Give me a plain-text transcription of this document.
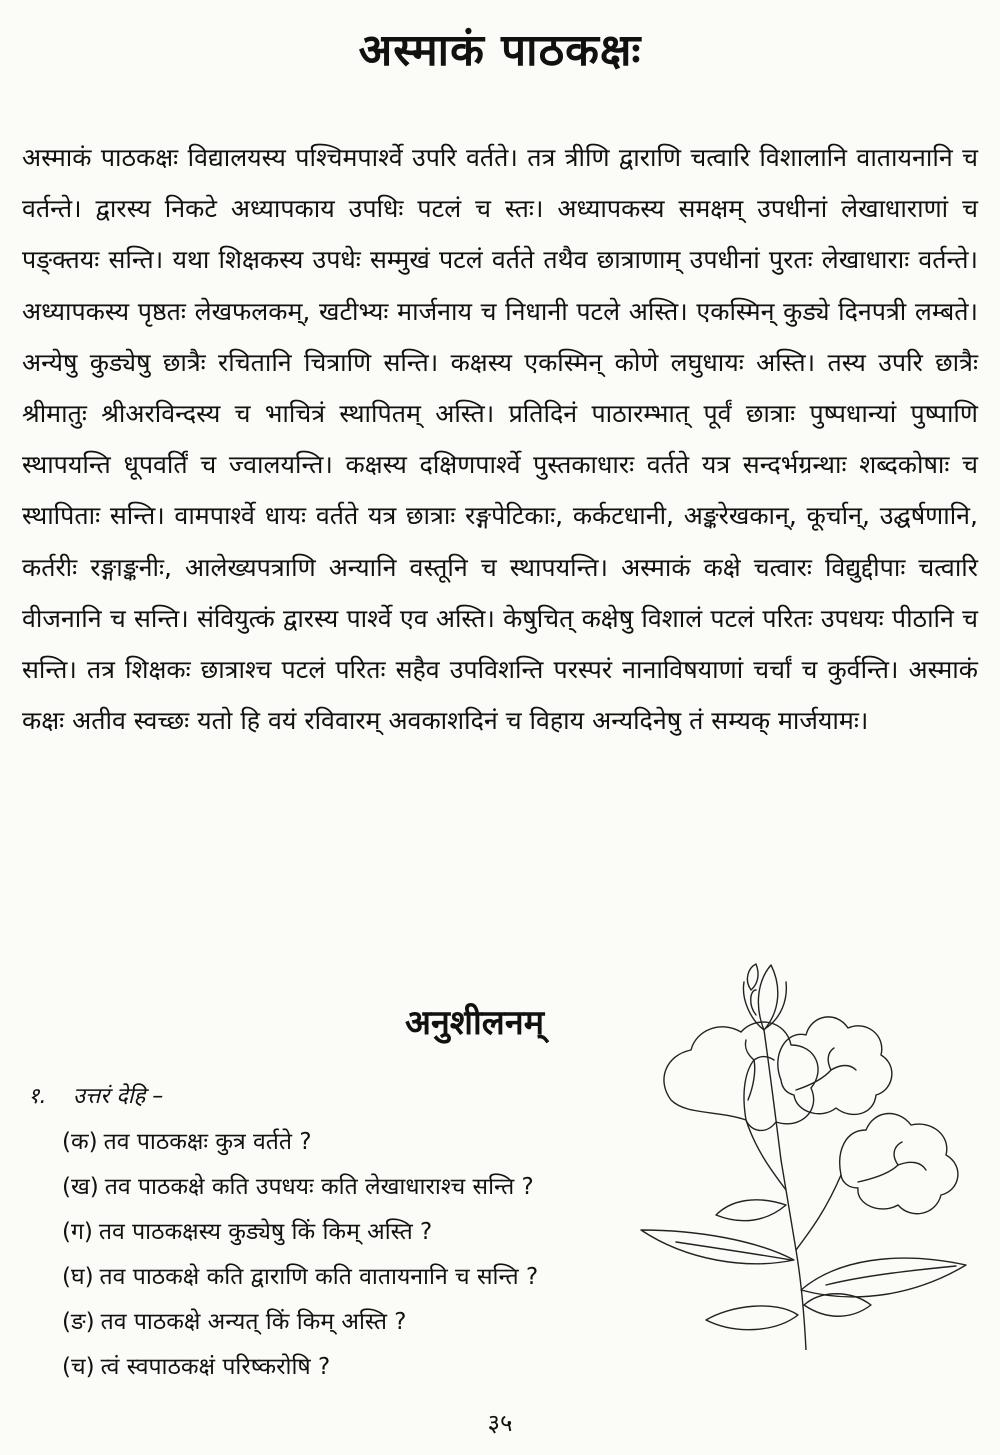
अस्माकं पाठकक्षः

अस्माकं पाठकक्षः विद्यालयस्य पश्चिमपार्श्वे उपरि वर्तते। तत्र त्रीणि द्वाराणि चत्वारि विशालानि वातायनानि च वर्तन्ते। द्वारस्य निकटे अध्यापकाय उपधिः पटलं च स्तः। अध्यापकस्य समक्षम् उपधीनां लेखाधाराणां च पङ्क्तयः सन्ति। यथा शिक्षकस्य उपधेः सम्मुखं पटलं वर्तते तथैव छात्राणाम् उपधीनां पुरतः लेखाधाराः वर्तन्ते। अध्यापकस्य पृष्ठतः लेखफलकम्, खटीभ्यः मार्जनाय च निधानी पटले अस्ति। एकस्मिन् कुड्ये दिनपत्री लम्बते। अन्येषु कुड्येषु छात्रैः रचितानि चित्राणि सन्ति। कक्षस्य एकस्मिन् कोणे लघुधायः अस्ति। तस्य उपरि छात्रैः श्रीमातुः श्रीअरविन्दस्य च भाचित्रं स्थापितम् अस्ति। प्रतिदिनं पाठारम्भात् पूर्वं छात्राः पुष्पधान्यां पुष्पाणि स्थापयन्ति धूपवर्तिं च ज्वालयन्ति। कक्षस्य दक्षिणपार्श्वे पुस्तकाधारः वर्तते यत्र सन्दर्भग्रन्थाः शब्दकोषाः च स्थापिताः सन्ति। वामपार्श्वे धायः वर्तते यत्र छात्राः रङ्गपेटिकाः, कर्कटधानी, अङ्करेखकान्, कूर्चान्, उद्घर्षणानि, कर्तरीः रङ्गाङ्कनीः, आलेख्यपत्राणि अन्यानि वस्तूनि च स्थापयन्ति। अस्माकं कक्षे चत्वारः विद्युद्दीपाः चत्वारि वीजनानि च सन्ति। संवियुत्कं द्वारस्य पार्श्वे एव अस्ति। केषुचित् कक्षेषु विशालं पटलं परितः उपधयः पीठानि च सन्ति। तत्र शिक्षकः छात्राश्च पटलं परितः सहैव उपविशन्ति परस्परं नानाविषयाणां चर्चां च कुर्वन्ति। अस्माकं कक्षः अतीव स्वच्छः यतो हि वयं रविवारम् अवकाशदिनं च विहाय अन्यदिनेषु तं सम्यक् मार्जयामः।

अनुशीलनम्
१. उत्तरं देहि –
(क) तव पाठकक्षः कुत्र वर्तते ?
(ख) तव पाठकक्षे कति उपधयः कति लेखाधाराश्च सन्ति ?
(ग) तव पाठकक्षस्य कुड्येषु किं किम् अस्ति ?
(घ) तव पाठकक्षे कति द्वाराणि कति वातायनानि च सन्ति ?
(ङ) तव पाठकक्षे अन्यत् किं किम् अस्ति ?
(च) त्वं स्वपाठकक्षं परिष्करोषि ?
३५
